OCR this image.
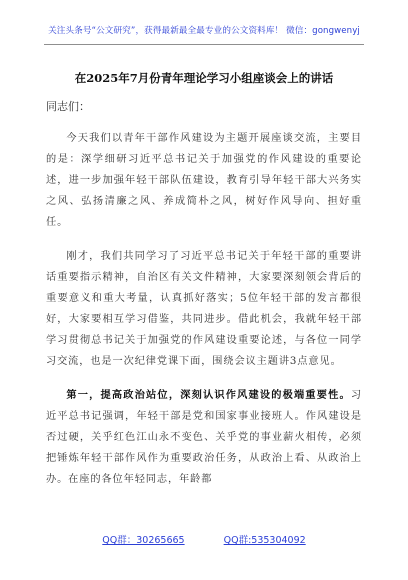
关注头条号“公文研究”，获得最新最全最专业的公文资料库！ 微信：gongwenyj
在2025年7月份青年理论学习小组座谈会上的讲话
同志们：

今天我们以青年干部作风建设为主题开展座谈交流，主要目的是：深学细研习近平总书记关于加强党的作风建设的重要论述，进一步加强年轻干部队伍建设，教育引导年轻干部大兴务实之风、弘扬清廉之风、养成简朴之风，树好作风导向、担好重任。

刚才，我们共同学习了习近平总书记关于年轻干部的重要讲话重要指示精神，自治区有关文件精神，大家要深刻领会背后的重要意义和重大考量，认真抓好落实；5位年轻干部的发言都很好，大家要相互学习借鉴，共同进步。借此机会，我就年轻干部学习贯彻总书记关于加强党的作风建设重要论述，与各位一同学习交流，也是一次纪律党课下面，围绕会议主题讲3点意见。

第一，提高政治站位，深刻认识作风建设的极端重要性。习近平总书记强调，年轻干部是党和国家事业接班人。作风建设是否过硬，关乎红色江山永不变色、关乎党的事业薪火相传，必须把锤炼年轻干部作风作为重要政治任务，从政治上看、从政治上办。在座的各位年轻同志，年龄都

QQ群：30265665	QQ群:535304092
